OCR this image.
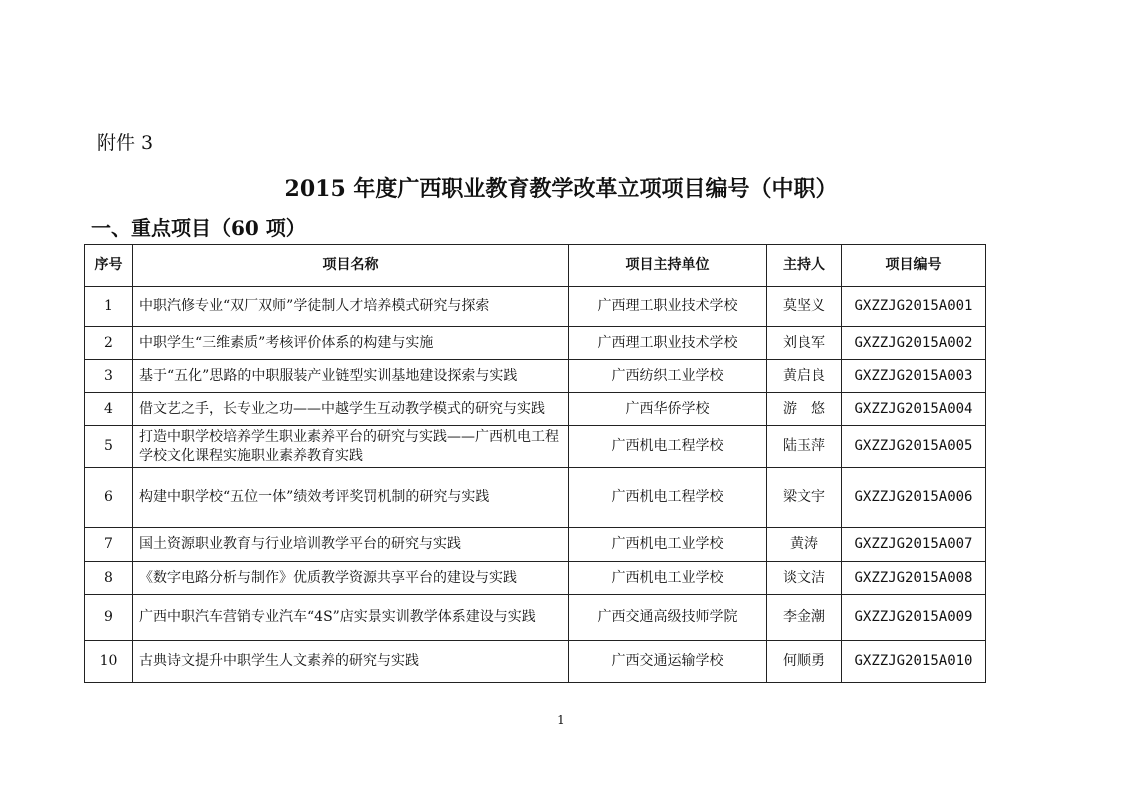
附件 3
2015 年度广西职业教育教学改革立项项目编号（中职）
一、重点项目（60 项）
序号	项目名称	项目主持单位	主持人	项目编号
1	中职汽修专业“双厂双师”学徒制人才培养模式研究与探索	广西理工职业技术学校	莫坚义	GXZZJG2015A001
2	中职学生“三维素质”考核评价体系的构建与实施	广西理工职业技术学校	刘良军	GXZZJG2015A002
3	基于“五化”思路的中职服装产业链型实训基地建设探索与实践	广西纺织工业学校	黄启良	GXZZJG2015A003
4	借文艺之手，长专业之功——中越学生互动教学模式的研究与实践	广西华侨学校	游　悠	GXZZJG2015A004
5	打造中职学校培养学生职业素养平台的研究与实践——广西机电工程学校文化课程实施职业素养教育实践	广西机电工程学校	陆玉萍	GXZZJG2015A005
6	构建中职学校“五位一体”绩效考评奖罚机制的研究与实践	广西机电工程学校	梁文宇	GXZZJG2015A006
7	国土资源职业教育与行业培训教学平台的研究与实践	广西机电工业学校	黄涛	GXZZJG2015A007
8	《数字电路分析与制作》优质教学资源共享平台的建设与实践	广西机电工业学校	谈文洁	GXZZJG2015A008
9	广西中职汽车营销专业汽车“4S”店实景实训教学体系建设与实践	广西交通高级技师学院	李金潮	GXZZJG2015A009
10	古典诗文提升中职学生人文素养的研究与实践	广西交通运输学校	何顺勇	GXZZJG2015A010
1
